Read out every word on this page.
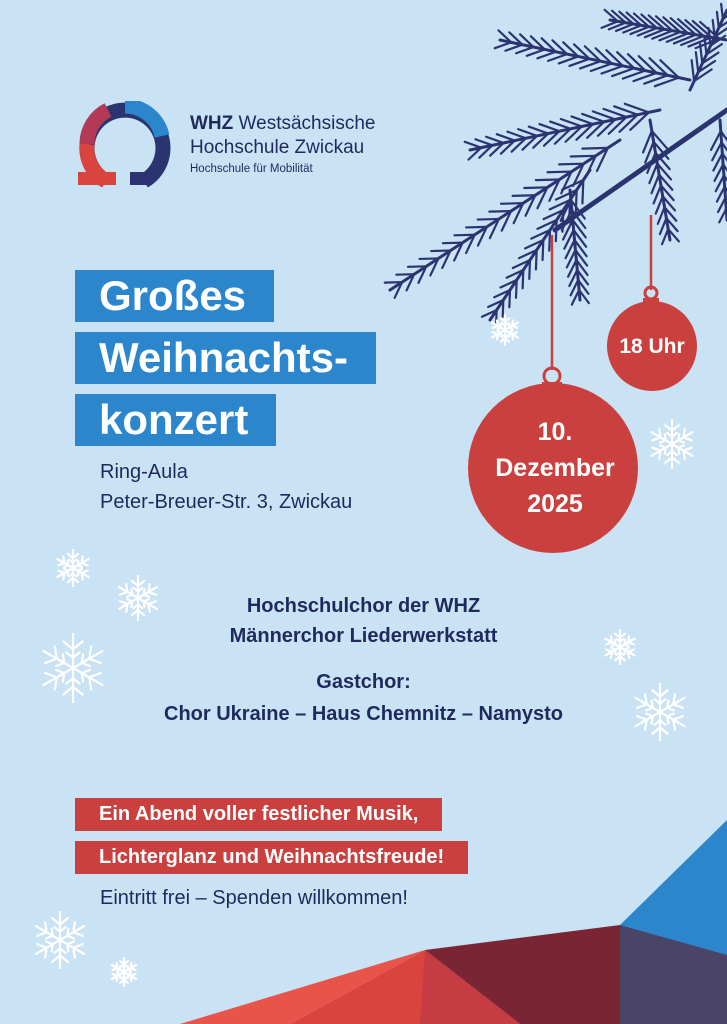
18 Uhr
10.
Dezember
2025
WHZ Westsächsische
Hochschule Zwickau
Hochschule für Mobilität
Großes
Weihnachts-
konzert
Ring-Aula
Peter-Breuer-Str. 3, Zwickau
Hochschulchor der WHZ
Männerchor Liederwerkstatt
Gastchor:
Chor Ukraine – Haus Chemnitz – Namysto
Ein Abend voller festlicher Musik,
Lichterglanz und Weihnachtsfreude!
Eintritt frei – Spenden willkommen!
